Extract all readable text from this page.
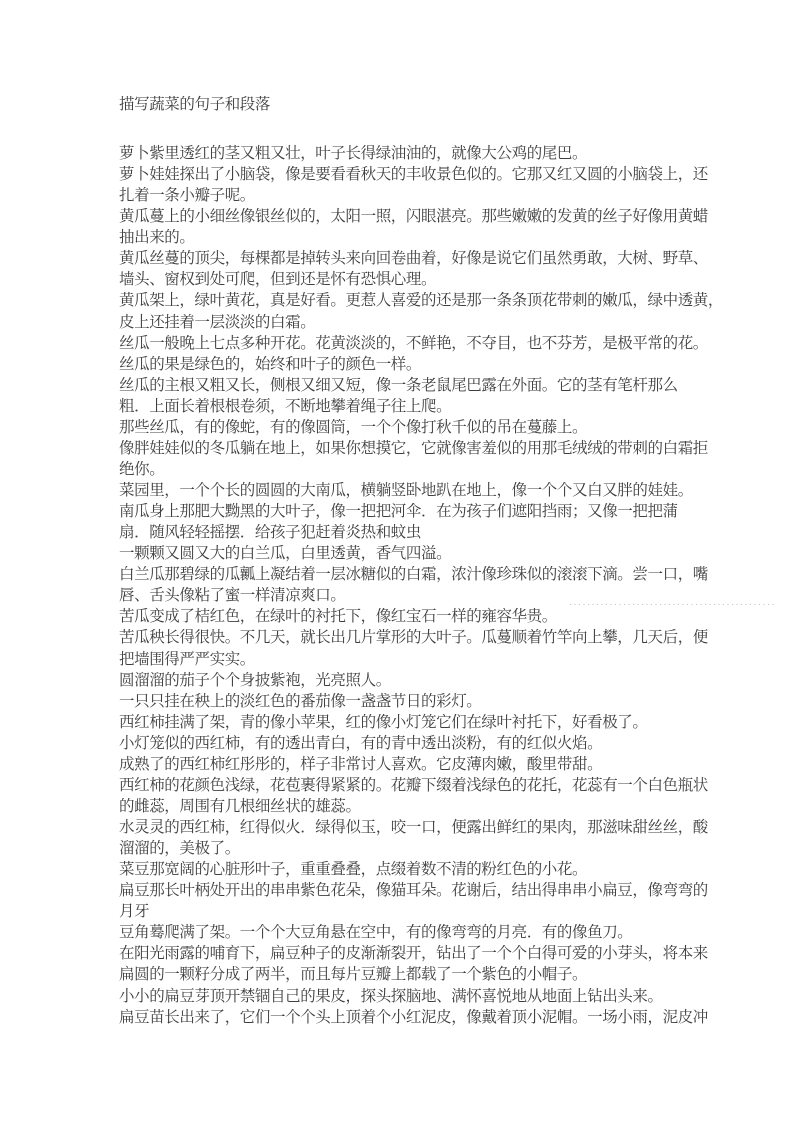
描写蔬菜的句子和段落
萝卜紫里透红的茎又粗又壮，叶子长得绿油油的，就像大公鸡的尾巴。
萝卜娃娃探出了小脑袋，像是要看看秋天的丰收景色似的。它那又红又圆的小脑袋上，还
扎着一条小瓣子呢。
黄瓜蔓上的小细丝像银丝似的，太阳一照，闪眼湛亮。那些嫩嫩的发黄的丝子好像用黄蜡
抽出来的。
黄瓜丝蔓的顶尖，每棵都是掉转头来向回卷曲着，好像是说它们虽然勇敢，大树、野草、
墙头、窗权到处可爬，但到还是怀有恐惧心理。
黄瓜架上，绿叶黄花，真是好看。更惹人喜爱的还是那一条条顶花带刺的嫩瓜，绿中透黄，
皮上还挂着一层淡淡的白霜。
丝瓜一般晚上七点多种开花。花黄淡淡的，不鲜艳，不夺目，也不芬芳，是极平常的花。
丝瓜的果是绿色的，始终和叶子的颜色一样。
丝瓜的主根又粗又长，侧根又细又短，像一条老鼠尾巴露在外面。它的茎有笔杆那么
粗．上面长着根根卷须，不断地攀着绳子往上爬。
那些丝瓜，有的像蛇，有的像圆筒，一个个像打秋千似的吊在蔓藤上。
像胖娃娃似的冬瓜躺在地上，如果你想摸它，它就像害羞似的用那毛绒绒的带刺的白霜拒
绝你。
菜园里，一个个长的圆圆的大南瓜，横躺竖卧地趴在地上，像一个个又白又胖的娃娃。
南瓜身上那肥大黝黑的大叶子，像一把把河伞．在为孩子们遮阳挡雨；又像一把把蒲
扇．随风轻轻摇摆．给孩子犯赶着炎热和蚊虫
一颗颗又圆又大的白兰瓜，白里透黄，香气四溢。
白兰瓜那碧绿的瓜瓤上凝结着一层冰糖似的白霜，浓汁像珍珠似的滚滚下滴。尝一口，嘴
唇、舌头像粘了蜜一样清凉爽口。
苦瓜变成了桔红色，在绿叶的衬托下，像红宝石一样的雍容华贵。
苦瓜秧长得很快。不几天，就长出几片掌形的大叶子。瓜蔓顺着竹竿向上攀，几天后，便
把墙围得严严实实。
圆溜溜的茄子个个身披紫袍，光亮照人。
一只只挂在秧上的淡红色的番茄像一盏盏节日的彩灯。
西红柿挂满了架，青的像小苹果，红的像小灯笼它们在绿叶衬托下，好看极了。
小灯笼似的西红柿，有的透出青白，有的青中透出淡粉，有的红似火焰。
成熟了的西红柿红彤彤的，样子非常讨人喜欢。它皮薄肉嫩，酸里带甜。
西红柿的花颜色浅绿，花苞裹得紧紧的。花瓣下缀着浅绿色的花托，花蕊有一个白色瓶状
的雌蕊，周围有几根细丝状的雄蕊。
水灵灵的西红柿，红得似火．绿得似玉，咬一口，便露出鲜红的果肉，那滋味甜丝丝，酸
溜溜的，美极了。
菜豆那宽阔的心脏形叶子，重重叠叠，点缀着数不清的粉红色的小花。
扁豆那长叶柄处开出的串串紫色花朵，像猫耳朵。花谢后，结出得串串小扁豆，像弯弯的
月牙
豆角蓦爬满了架。一个个大豆角悬在空中，有的像弯弯的月亮．有的像鱼刀。
在阳光雨露的哺育下，扁豆种子的皮渐渐裂开，钻出了一个个白得可爱的小芽头，将本来
扁圆的一颗籽分成了两半，而且每片豆瓣上都载了一个紫色的小帽子。
小小的扁豆芽顶开禁锢自己的果皮，探头探脑地、满怀喜悦地从地面上钻出头来。
扁豆苗长出来了，它们一个个头上顶着个小红泥皮，像戴着顶小泥帽。一场小雨，泥皮冲
